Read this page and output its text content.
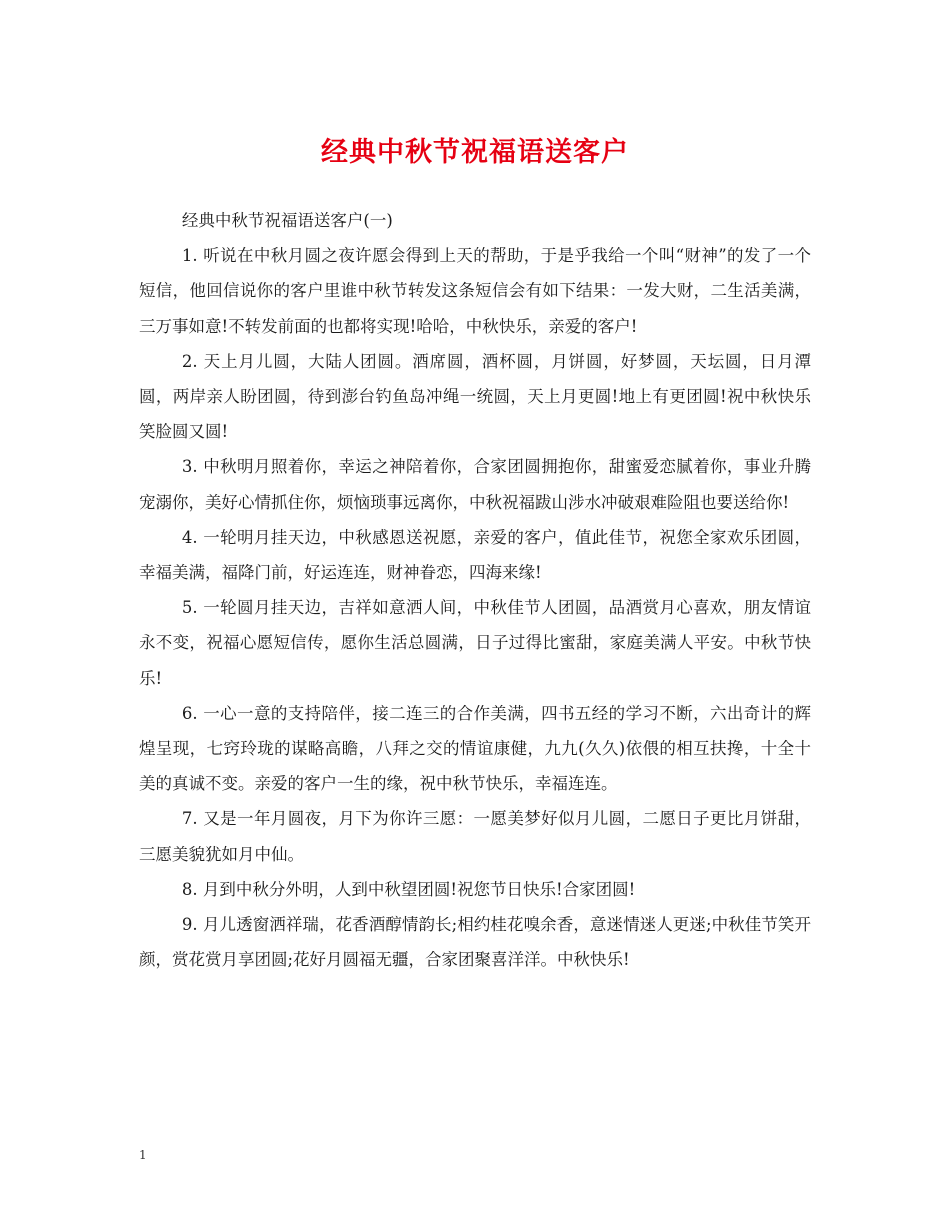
经典中秋节祝福语送客户

经典中秋节祝福语送客户(一)

1. 听说在中秋月圆之夜许愿会得到上天的帮助，于是乎我给一个叫“财神”的发了一个短信，他回信说你的客户里谁中秋节转发这条短信会有如下结果：一发大财，二生活美满，三万事如意!不转发前面的也都将实现!哈哈，中秋快乐，亲爱的客户!

2. 天上月儿圆，大陆人团圆。酒席圆，酒杯圆，月饼圆，好梦圆，天坛圆，日月潭圆，两岸亲人盼团圆，待到澎台钓鱼岛冲绳一统圆，天上月更圆!地上有更团圆!祝中秋快乐笑脸圆又圆!

3. 中秋明月照着你，幸运之神陪着你，合家团圆拥抱你，甜蜜爱恋腻着你，事业升腾宠溺你，美好心情抓住你，烦恼琐事远离你，中秋祝福跋山涉水冲破艰难险阻也要送给你!

4. 一轮明月挂天边，中秋感恩送祝愿，亲爱的客户，值此佳节，祝您全家欢乐团圆，幸福美满，福降门前，好运连连，财神眷恋，四海来缘!

5. 一轮圆月挂天边，吉祥如意洒人间，中秋佳节人团圆，品酒赏月心喜欢，朋友情谊永不变，祝福心愿短信传，愿你生活总圆满，日子过得比蜜甜，家庭美满人平安。中秋节快乐!

6. 一心一意的支持陪伴，接二连三的合作美满，四书五经的学习不断，六出奇计的辉煌呈现，七窍玲珑的谋略高瞻，八拜之交的情谊康健，九九(久久)依偎的相互扶搀，十全十美的真诚不变。亲爱的客户一生的缘，祝中秋节快乐，幸福连连。

7. 又是一年月圆夜，月下为你许三愿：一愿美梦好似月儿圆，二愿日子更比月饼甜，三愿美貌犹如月中仙。

8. 月到中秋分外明，人到中秋望团圆!祝您节日快乐!合家团圆!

9. 月儿透窗洒祥瑞，花香酒醇情韵长;相约桂花嗅余香，意迷情迷人更迷;中秋佳节笑开颜，赏花赏月享团圆;花好月圆福无疆，合家团聚喜洋洋。中秋快乐!

1
